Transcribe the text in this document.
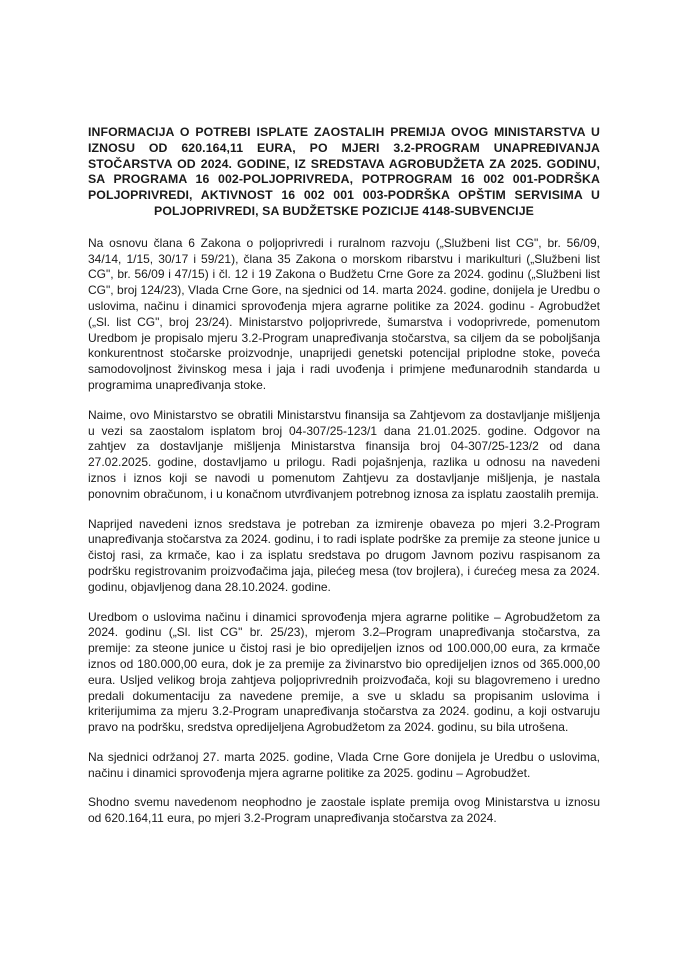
INFORMACIJA O POTREBI ISPLATE ZAOSTALIH PREMIJA OVOG MINISTARSTVA U IZNOSU OD 620.164,11 EURA, PO MJERI 3.2-PROGRAM UNAPREĐIVANJA STOČARSTVA OD 2024. GODINE, IZ SREDSTAVA AGROBUDŽETA ZA 2025. GODINU, SA PROGRAMA 16 002-POLJOPRIVREDA, POTPROGRAM 16 002 001-PODRŠKA POLJOPRIVREDI, AKTIVNOST 16 002 001 003-PODRŠKA OPŠTIM SERVISIMA U POLJOPRIVREDI, SA BUDŽETSKE POZICIJE 4148-SUBVENCIJE
Na osnovu člana 6 Zakona o poljoprivredi i ruralnom razvoju („Službeni list CG", br. 56/09, 34/14, 1/15, 30/17 i 59/21), člana 35 Zakona o morskom ribarstvu i marikulturi („Službeni list CG", br. 56/09 i 47/15) i čl. 12 i 19 Zakona o Budžetu Crne Gore za 2024. godinu („Službeni list CG", broj 124/23), Vlada Crne Gore, na sjednici od 14. marta 2024. godine, donijela je Uredbu o uslovima, načinu i dinamici sprovođenja mjera agrarne politike za 2024. godinu - Agrobudžet („Sl. list CG", broj 23/24). Ministarstvo poljoprivrede, šumarstva i vodoprivrede, pomenutom Uredbom je propisalo mjeru 3.2-Program unapređivanja stočarstva, sa ciljem da se poboljšanja konkurentnost stočarske proizvodnje, unaprijedi genetski potencijal priplodne stoke, poveća samodovoljnost živinskog mesa i jaja i radi uvođenja i primjene međunarodnih standarda u programima unapređivanja stoke.
Naime, ovo Ministarstvo se obratili Ministarstvu finansija sa Zahtjevom za dostavljanje mišljenja u vezi sa zaostalom isplatom broj 04-307/25-123/1 dana 21.01.2025. godine. Odgovor na zahtjev za dostavljanje mišljenja Ministarstva finansija broj 04-307/25-123/2 od dana 27.02.2025. godine, dostavljamo u prilogu. Radi pojašnjenja, razlika u odnosu na navedeni iznos i iznos koji se navodi u pomenutom Zahtjevu za dostavljanje mišljenja, je nastala ponovnim obračunom, i u konačnom utvrđivanjem potrebnog iznosa za isplatu zaostalih premija.
Naprijed navedeni iznos sredstava je potreban za izmirenje obaveza po mjeri 3.2-Program unapređivanja stočarstva za 2024. godinu, i to radi isplate podrške za premije za steone junice u čistoj rasi, za krmače, kao i za isplatu sredstava po drugom Javnom pozivu raspisanom za podršku registrovanim proizvođačima jaja, pilećeg mesa (tov brojlera), i ćurećeg mesa za 2024. godinu, objavljenog dana 28.10.2024. godine.
Uredbom o uslovima načinu i dinamici sprovođenja mjera agrarne politike – Agrobudžetom za 2024. godinu („Sl. list CG" br. 25/23), mjerom 3.2–Program unapređivanja stočarstva, za premije: za steone junice u čistoj rasi je bio opredijeljen iznos od 100.000,00 eura, za krmače iznos od 180.000,00 eura, dok je za premije za živinarstvo bio opredijeljen iznos od 365.000,00 eura. Usljed velikog broja zahtjeva poljoprivrednih proizvođača, koji su blagovremeno i uredno predali dokumentaciju za navedene premije, a sve u skladu sa propisanim uslovima i kriterijumima za mjeru 3.2-Program unapređivanja stočarstva za 2024. godinu, a koji ostvaruju pravo na podršku, sredstva opredijeljena Agrobudžetom za 2024. godinu, su bila utrošena.
Na sjednici održanoj 27. marta 2025. godine, Vlada Crne Gore donijela je Uredbu o uslovima, načinu i dinamici sprovođenja mjera agrarne politike za 2025. godinu – Agrobudžet.
Shodno svemu navedenom neophodno je zaostale isplate premija ovog Ministarstva u iznosu od 620.164,11 eura, po mjeri 3.2-Program unapređivanja stočarstva za 2024.
